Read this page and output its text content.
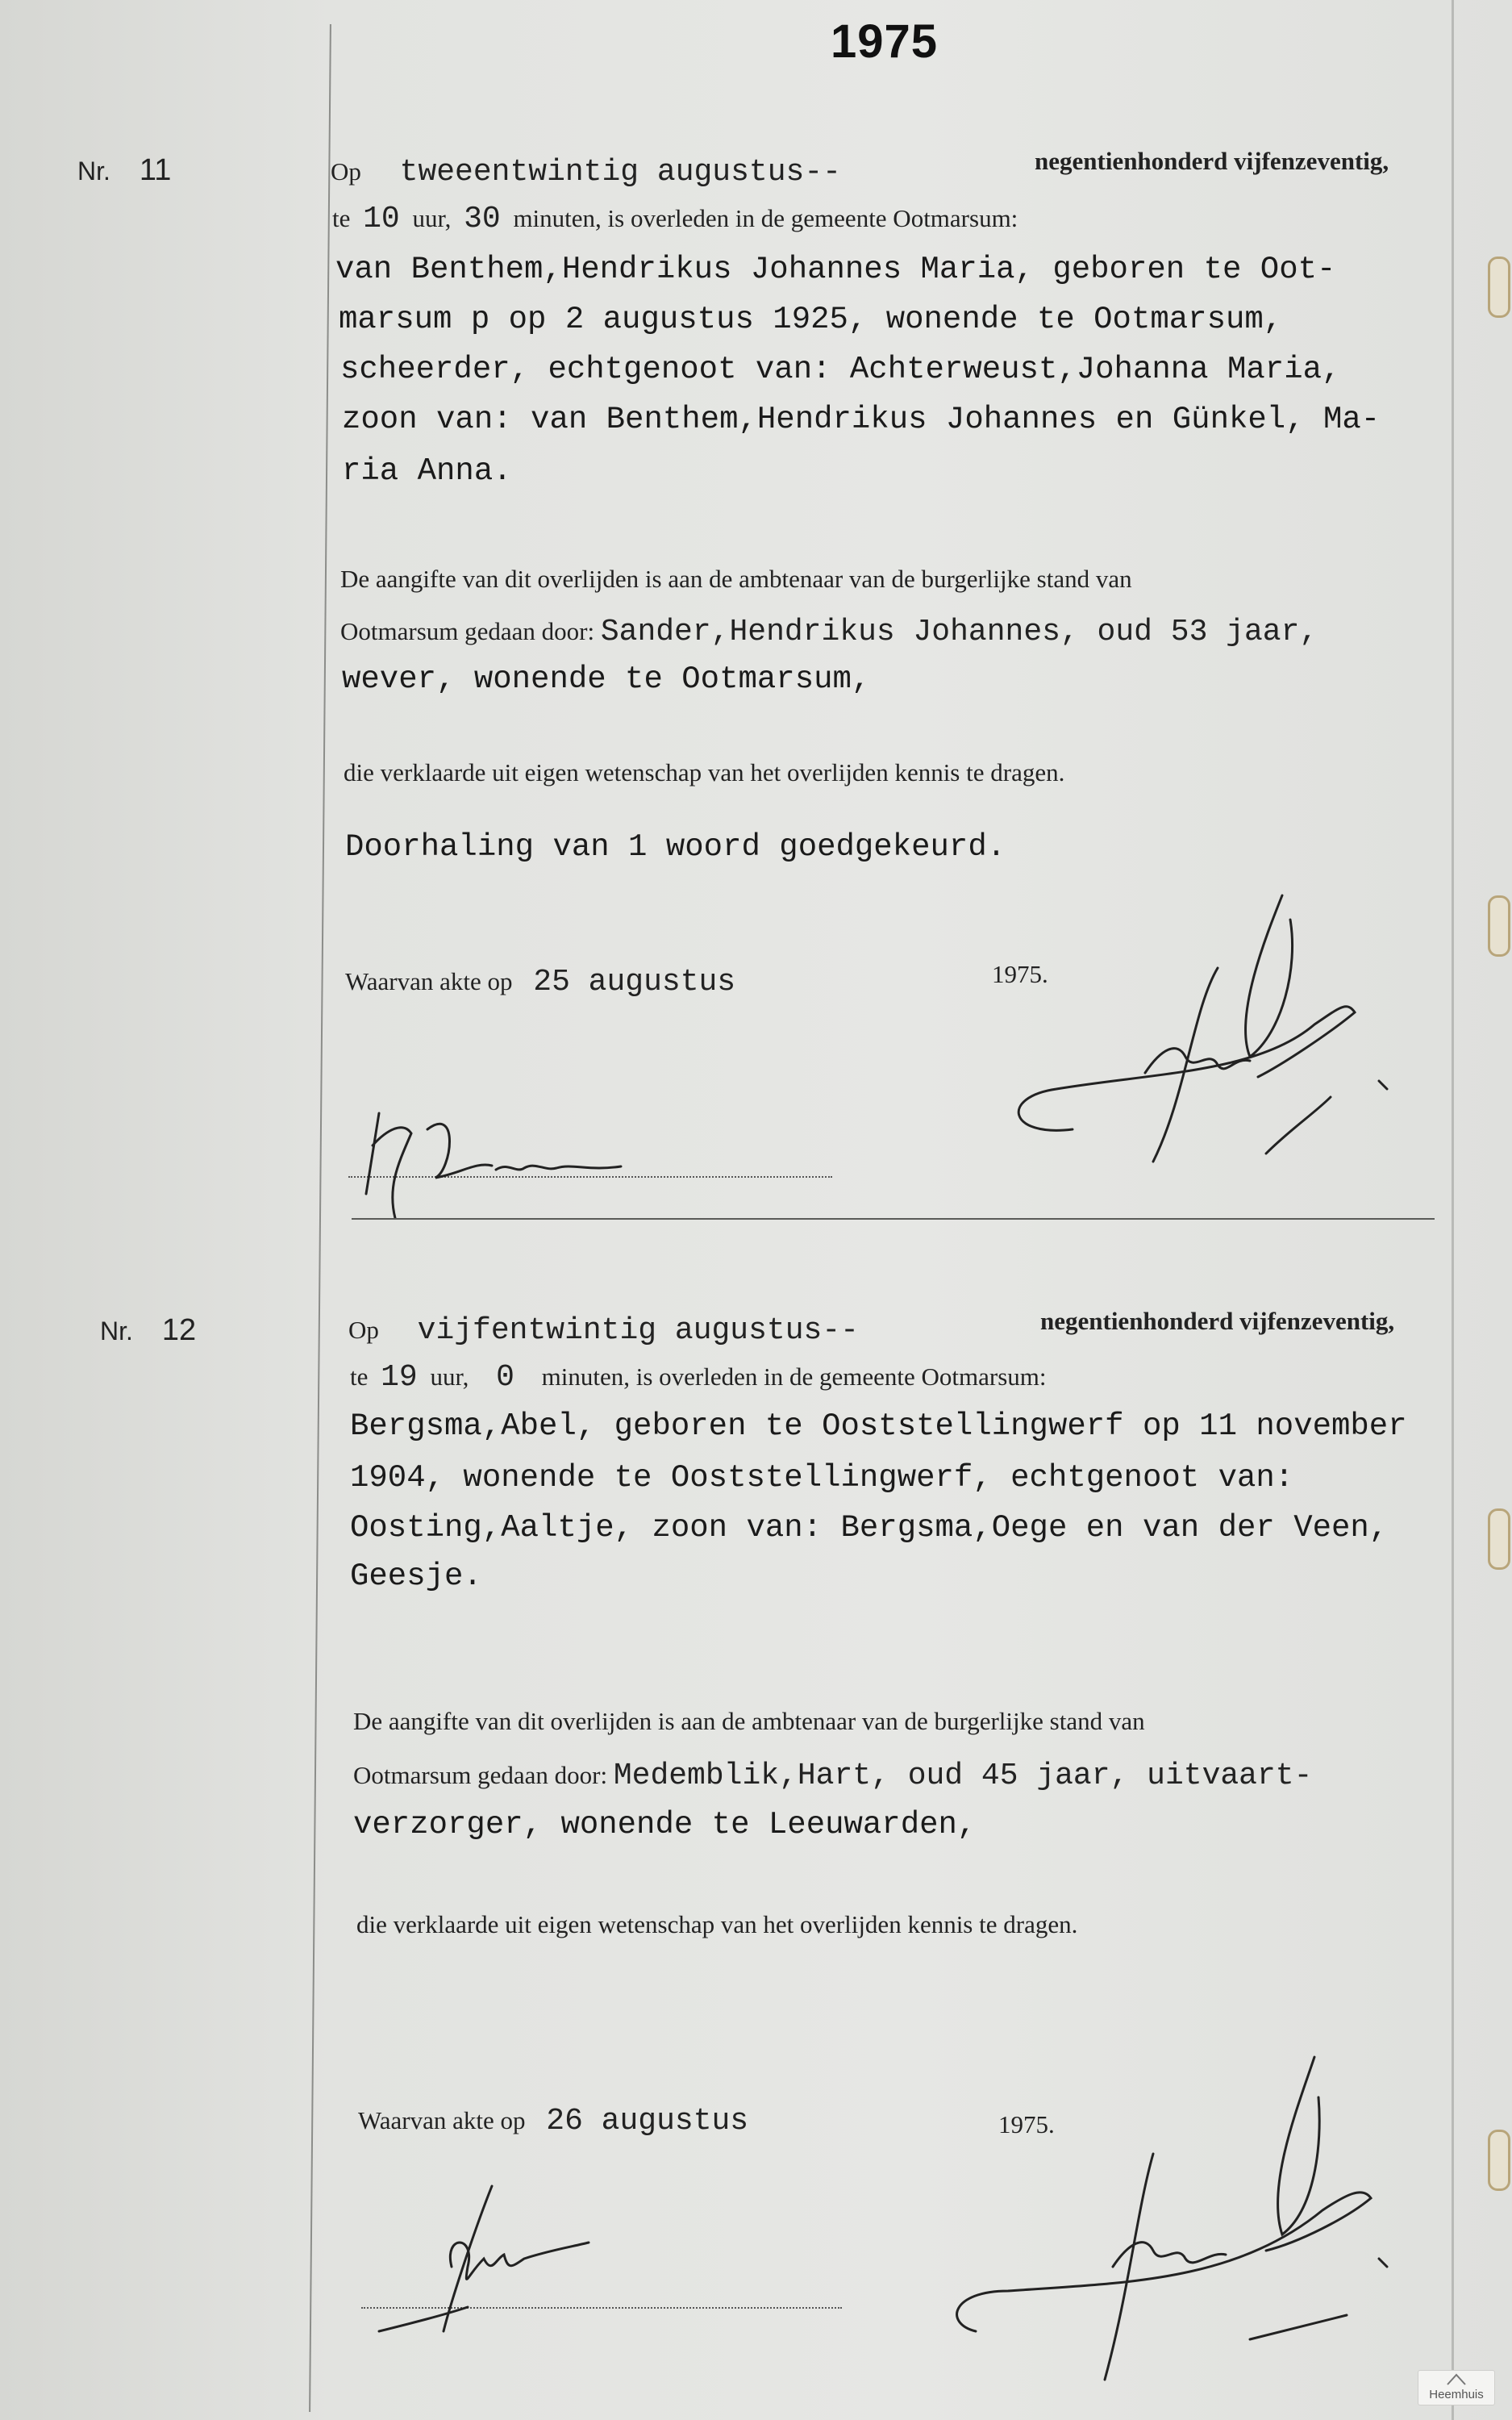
1975
Nr. 11	Op tweeentwintig augustus--	negentienhonderd vijfenzeventig,
te 10 uur, 30 minuten, is overleden in de gemeente Ootmarsum:
van Benthem,Hendrikus Johannes Maria, geboren te Oot-
marsum p op 2 augustus 1925, wonende te Ootmarsum,
scheerder, echtgenoot van: Achterweust,Johanna Maria,
zoon van: van Benthem,Hendrikus Johannes en Günkel, Ma-
ria Anna.
De aangifte van dit overlijden is aan de ambtenaar van de burgerlijke stand van
Ootmarsum gedaan door: Sander,Hendrikus Johannes, oud 53 jaar,
wever, wonende te Ootmarsum,
die verklaarde uit eigen wetenschap van het overlijden kennis te dragen.
Doorhaling van 1 woord goedgekeurd.
Waarvan akte op 25 augustus	1975.
Nr. 12	Op vijfentwintig augustus--	negentienhonderd vijfenzeventig,
te 19 uur, 0 minuten, is overleden in de gemeente Ootmarsum:
Bergsma,Abel, geboren te Ooststellingwerf op 11 november
1904, wonende te Ooststellingwerf, echtgenoot van:
Oosting,Aaltje, zoon van: Bergsma,Oege en van der Veen,
Geesje.
De aangifte van dit overlijden is aan de ambtenaar van de burgerlijke stand van
Ootmarsum gedaan door: Medemblik,Hart, oud 45 jaar, uitvaart-
verzorger, wonende te Leeuwarden,
die verklaarde uit eigen wetenschap van het overlijden kennis te dragen.
Waarvan akte op 26 augustus	1975.
Heemhuis
